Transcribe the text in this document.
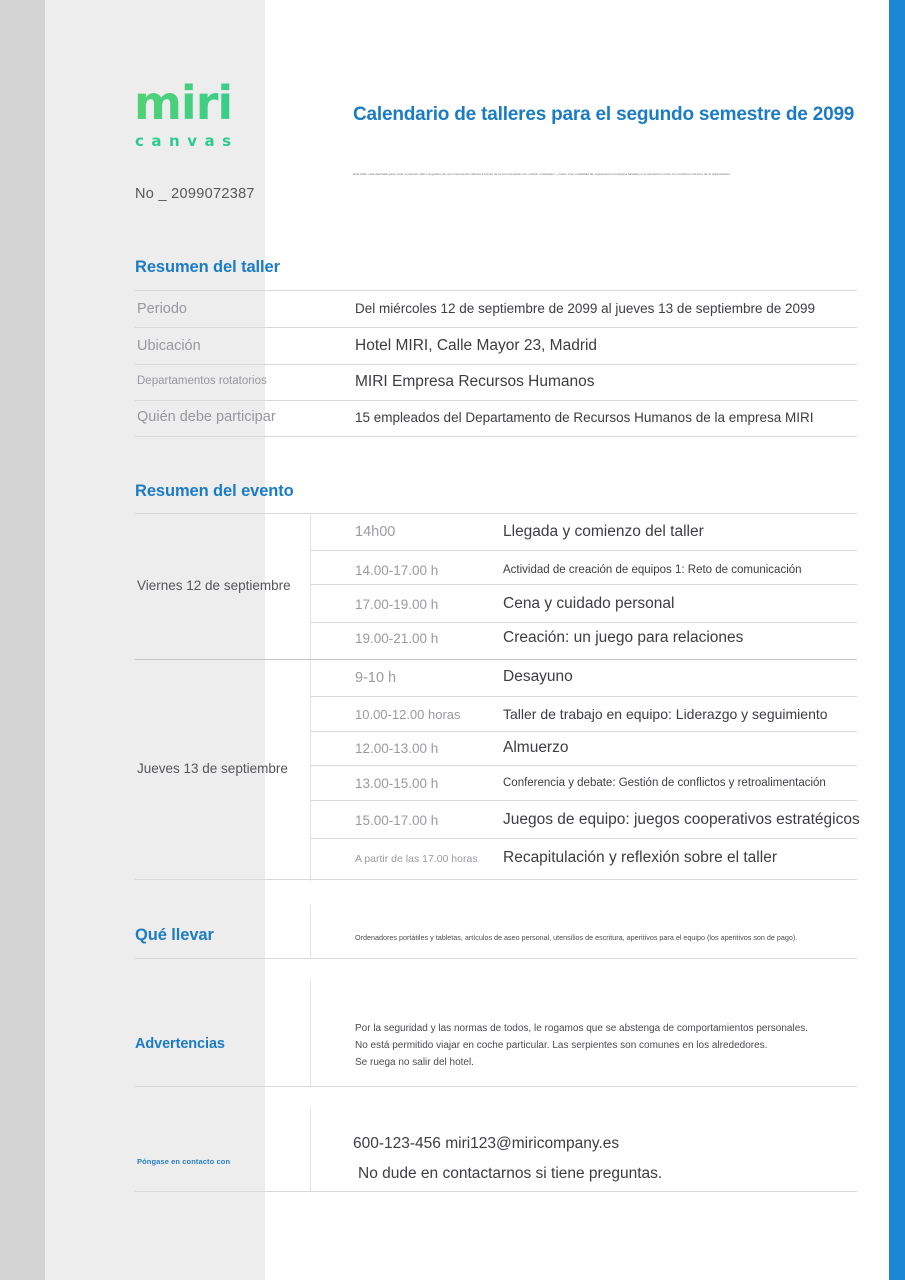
miri
canvas
No _ 2099072387
Calendario de talleres para el segundo semestre de 2099
Este taller está diseñado para crear consenso sobre la gestión de la comunicación abierta a través de la comunicación con sus/sin empleados, y hacer una modalidad de organización temprana basada en la interacción entre los miembros internos de la organización.
Resumen del taller
Periodo	Del miércoles 12 de septiembre de 2099 al jueves 13 de septiembre de 2099
Ubicación	Hotel MIRI, Calle Mayor 23, Madrid
Departamentos rotatorios	MIRI Empresa Recursos Humanos
Quién debe participar	15 empleados del Departamento de Recursos Humanos de la empresa MIRI
Resumen del evento
Viernes 12 de septiembre
14h00	Llegada y comienzo del taller
14.00-17.00 h	Actividad de creación de equipos 1: Reto de comunicación
17.00-19.00 h	Cena y cuidado personal
19.00-21.00 h	Creación: un juego para relaciones
Jueves 13 de septiembre
9-10 h	Desayuno
10.00-12.00 horas	Taller de trabajo en equipo: Liderazgo y seguimiento
12.00-13.00 h	Almuerzo
13.00-15.00 h	Conferencia y debate: Gestión de conflictos y retroalimentación
15.00-17.00 h	Juegos de equipo: juegos cooperativos estratégicos
A partir de las 17.00 horas	Recapitulación y reflexión sobre el taller
Qué llevar	Ordenadores portátiles y tabletas, artículos de aseo personal, utensilios de escritura, aperitivos para el equipo (los aperitivos son de pago).
Advertencias
Por la seguridad y las normas de todos, le rogamos que se abstenga de comportamientos personales.
No está permitido viajar en coche particular. Las serpientes son comunes en los alrededores.
Se ruega no salir del hotel.
Póngase en contacto con
600-123-456 miri123@miricompany.es
No dude en contactarnos si tiene preguntas.
